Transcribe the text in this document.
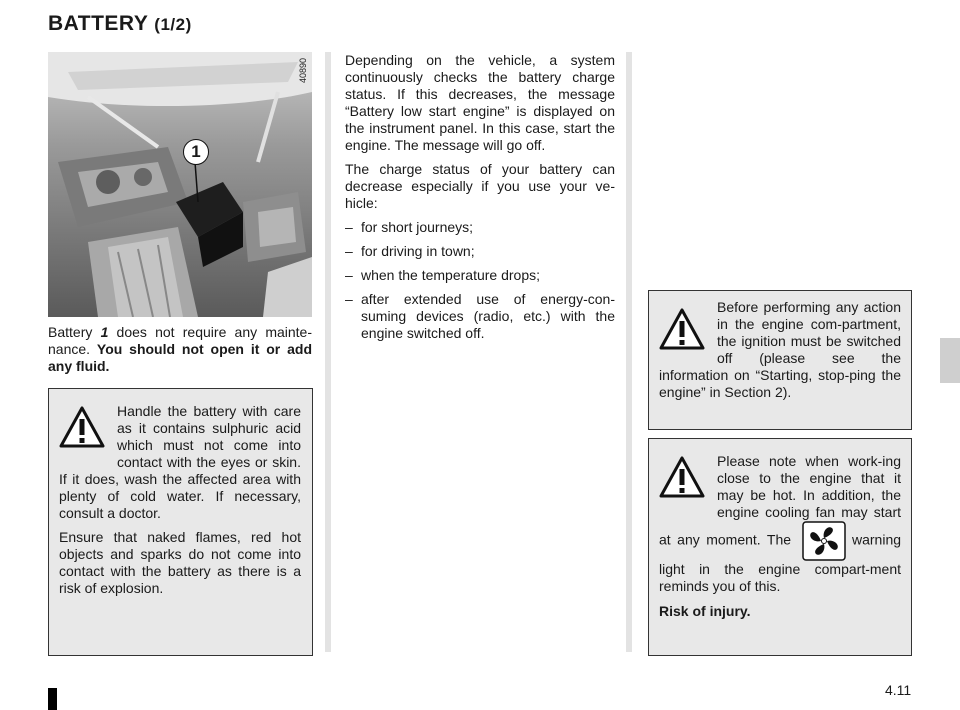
BATTERY (1/2)
40890
1
Battery 1 does not require any mainte-nance. You should not open it or add any fluid.

Handle the battery with care as it contains sulphuric acid which must not come into contact with the eyes or skin. If it does, wash the affected area with plenty of cold water. If necessary, consult a doctor.

Ensure that naked flames, red hot objects and sparks do not come into contact with the battery as there is a risk of explosion.

Depending on the vehicle, a system continuously checks the battery charge status. If this decreases, the message “Battery low start engine” is displayed on the instrument panel. In this case, start the engine. The message will go off.

The charge status of your battery can decrease especially if you use your ve-hicle:

– for short journeys;
– for driving in town;
– when the temperature drops;
– after extended use of energy-con-suming devices (radio, etc.) with the engine switched off.

Before performing any action in the engine com-partment, the ignition must be switched off (please see the information on “Starting, stop-ping the engine” in Section 2).

Please note when work-ing close to the engine that it may be hot. In addition, the engine cooling fan may start at any moment. The	warning light in the engine compart-ment reminds you of this.

Risk of injury.

4.11
